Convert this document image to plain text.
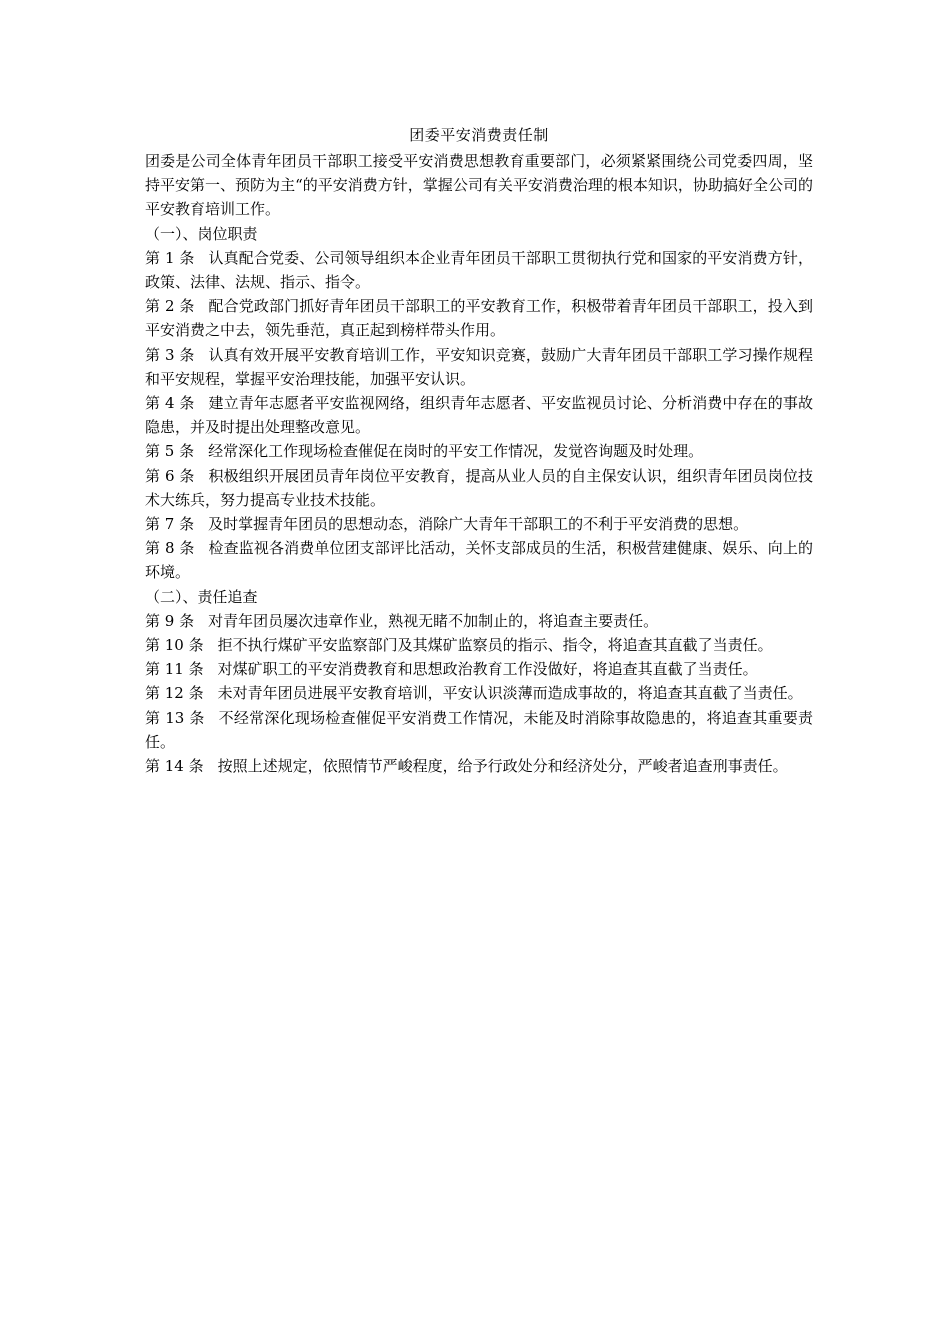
团委平安消费责任制

团委是公司全体青年团员干部职工接受平安消费思想教育重要部门，必须紧紧围绕公司党委四周，坚持平安第一、预防为主“的平安消费方针，掌握公司有关平安消费治理的根本知识，协助搞好全公司的平安教育培训工作。

（一）、岗位职责

第 1 条 认真配合党委、公司领导组织本企业青年团员干部职工贯彻执行党和国家的平安消费方针，政策、法律、法规、指示、指令。

第 2 条 配合党政部门抓好青年团员干部职工的平安教育工作，积极带着青年团员干部职工，投入到平安消费之中去，领先垂范，真正起到榜样带头作用。

第 3 条 认真有效开展平安教育培训工作，平安知识竞赛，鼓励广大青年团员干部职工学习操作规程和平安规程，掌握平安治理技能，加强平安认识。

第 4 条 建立青年志愿者平安监视网络，组织青年志愿者、平安监视员讨论、分析消费中存在的事故隐患，并及时提出处理整改意见。

第 5 条 经常深化工作现场检查催促在岗时的平安工作情况，发觉咨询题及时处理。

第 6 条 积极组织开展团员青年岗位平安教育，提高从业人员的自主保安认识，组织青年团员岗位技术大练兵，努力提高专业技术技能。

第 7 条 及时掌握青年团员的思想动态，消除广大青年干部职工的不利于平安消费的思想。

第 8 条 检查监视各消费单位团支部评比活动，关怀支部成员的生活，积极营建健康、娱乐、向上的环境。

（二）、责任追查

第 9 条 对青年团员屡次违章作业，熟视无睹不加制止的，将追查主要责任。

第 10 条 拒不执行煤矿平安监察部门及其煤矿监察员的指示、指令，将追查其直截了当责任。

第 11 条 对煤矿职工的平安消费教育和思想政治教育工作没做好，将追查其直截了当责任。

第 12 条 未对青年团员进展平安教育培训，平安认识淡薄而造成事故的，将追查其直截了当责任。

第 13 条 不经常深化现场检查催促平安消费工作情况，未能及时消除事故隐患的，将追查其重要责任。

第 14 条 按照上述规定，依照情节严峻程度，给予行政处分和经济处分，严峻者追查刑事责任。
